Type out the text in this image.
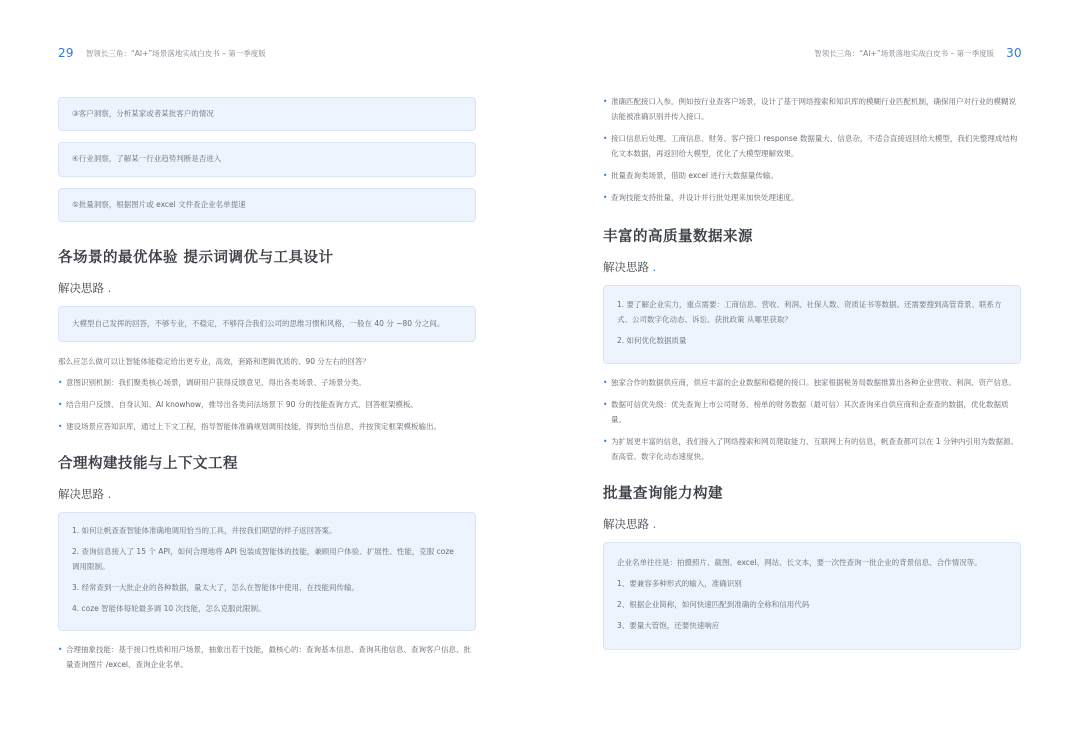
29 智领长三角：“AI+”场景落地实战白皮书 – 第一季度版

③客户洞察，分析某家或者某批客户的情况

④行业洞察，了解某一行业趋势判断是否进入

⑤批量洞察，根据图片或 excel 文件查企业名单提速

各场景的最优体验 提示词调优与工具设计
解决思路 .

大模型自己发挥的回答，不够专业，不稳定，不够符合我们公司的思维习惯和风格，一般在 40 分 ~80 分之间。

那么应怎么做可以让智能体能稳定给出更专业，高效，套路和逻辑优质的、90 分左右的回答？

• 意图识别机制：我们聚类核心场景，调研用户获得反馈意见，得出各类场景、子场景分类。
• 结合用户反馈、自身认知、AI knowhow，推导出各类问法场景下 90 分的技能查询方式、回答框架模板。
• 建设场景应答知识库，通过上下文工程，指导智能体准确规划调用技能，得到恰当信息，并按预定框架模板输出。
合理构建技能与上下文工程
解决思路 .

1. 如何让帆查查智能体准确地调用恰当的工具，并按我们期望的样子返回答案。

2. 查询信息接入了 15 个 API，如何合理地将 API 包装成智能体的技能，兼顾用户体验、扩展性、性能，克服 coze 调用限制。

3. 经常查到一大批企业的各种数据，量太大了，怎么在智能体中使用、在技能间传输。

4. coze 智能体每轮最多调 10 次技能，怎么克服此限制。

• 合理抽象技能：基于接口性质和用户场景，抽象出若干技能，最核心的：查询基本信息、查询其他信息、查询客户信息、批量查询图片 /excel、查询企业名单。
智领长三角：“AI+”场景落地实战白皮书 – 第一季度版 30
• 准确匹配接口入参。例如按行业查客户场景，设计了基于网络搜索和知识库的模糊行业匹配机制，确保用户对行业的模糊说法能被准确识别并传入接口。
• 接口信息后处理。工商信息、财务、客户接口 response 数据量大、信息杂，不适合直接返回给大模型，我们先整理成结构化文本数据，再返回给大模型，优化了大模型理解效果。
• 批量查询类场景，借助 excel 进行大数据量传输。
• 查询技能支持批量，并设计并行批处理来加快处理速度。
丰富的高质量数据来源
解决思路 .

1. 要了解企业实力，重点需要：工商信息、营收、利润、社保人数、资质证书等数据。还需要搜到高管背景、联系方式、公司数字化动态、诉讼、获批政策 从哪里获取？

2. 如何优化数据质量

• 独家合作的数据供应商，供应丰富的企业数据和稳健的接口。独家根据税务局数据推算出各种企业营收、利润、资产信息。
• 数据可信优先级：优先查询上市公司财务、榜单的财务数据（最可信）其次查询来自供应商和企查查的数据，优化数据质量。
• 为扩展更丰富的信息，我们接入了网络搜索和网页爬取能力、互联网上有的信息，帆查查都可以在 1 分钟内引用为数据源。查高管、数字化动态速度快。
批量查询能力构建
解决思路 .

企业名单往往是：拍摄照片、截图、excel、网站、长文本，要一次性查询一批企业的背景信息、合作情况等。

1、要兼容多种形式的输入，准确识别

2、根据企业简称，如何快速匹配到准确的全称和信用代码

3、要量大管饱，还要快速响应
